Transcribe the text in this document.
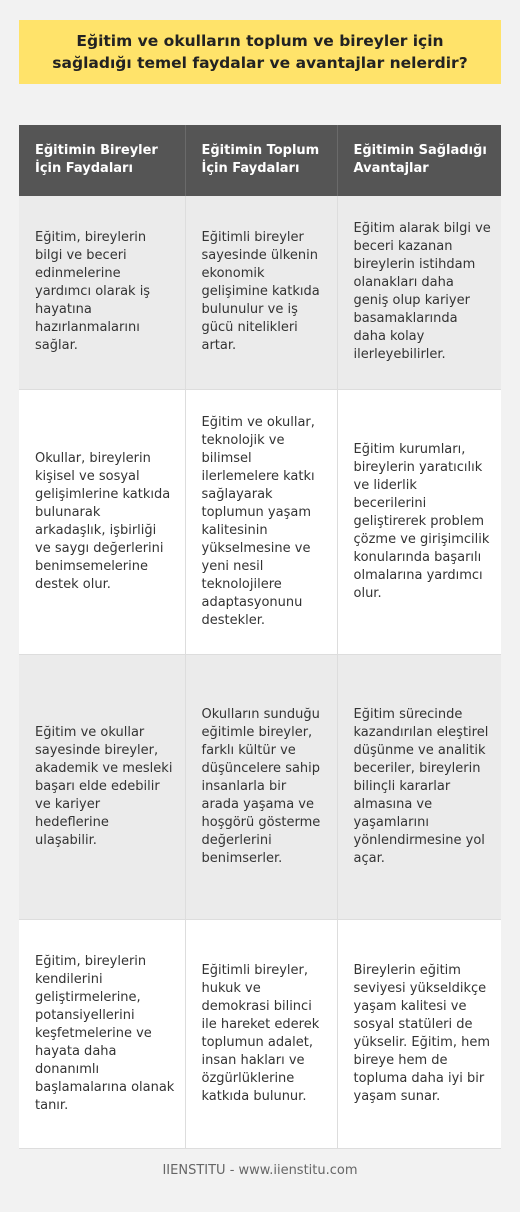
Eğitim ve okulların toplum ve bireyler için sağladığı temel faydalar ve avantajlar nelerdir?
Eğitimin Bireyler İçin Faydaları	Eğitimin Toplum İçin Faydaları	Eğitimin Sağladığı Avantajlar
Eğitim, bireylerin bilgi ve beceri edinmelerine yardımcı olarak iş hayatına hazırlanmalarını sağlar.	Eğitimli bireyler sayesinde ülkenin ekonomik gelişimine katkıda bulunulur ve iş gücü nitelikleri artar.	Eğitim alarak bilgi ve beceri kazanan bireylerin istihdam olanakları daha geniş olup kariyer basamaklarında daha kolay ilerleyebilirler.
Okullar, bireylerin kişisel ve sosyal gelişimlerine katkıda bulunarak arkadaşlık, işbirliği ve saygı değerlerini benimsemelerine destek olur.	Eğitim ve okullar, teknolojik ve bilimsel ilerlemelere katkı sağlayarak toplumun yaşam kalitesinin yükselmesine ve yeni nesil teknolojilere adaptasyonunu destekler.	Eğitim kurumları, bireylerin yaratıcılık ve liderlik becerilerini geliştirerek problem çözme ve girişimcilik konularında başarılı olmalarına yardımcı olur.
Eğitim ve okullar sayesinde bireyler, akademik ve mesleki başarı elde edebilir ve kariyer hedeflerine ulaşabilir.	Okulların sunduğu eğitimle bireyler, farklı kültür ve düşüncelere sahip insanlarla bir arada yaşama ve hoşgörü gösterme değerlerini benimserler.	Eğitim sürecinde kazandırılan eleştirel düşünme ve analitik beceriler, bireylerin bilinçli kararlar almasına ve yaşamlarını yönlendirmesine yol açar.
Eğitim, bireylerin kendilerini geliştirmelerine, potansiyellerini keşfetmelerine ve hayata daha donanımlı başlamalarına olanak tanır.	Eğitimli bireyler, hukuk ve demokrasi bilinci ile hareket ederek toplumun adalet, insan hakları ve özgürlüklerine katkıda bulunur.	Bireylerin eğitim seviyesi yükseldikçe yaşam kalitesi ve sosyal statüleri de yükselir. Eğitim, hem bireye hem de topluma daha iyi bir yaşam sunar.
IIENSTITU - www.iienstitu.com
